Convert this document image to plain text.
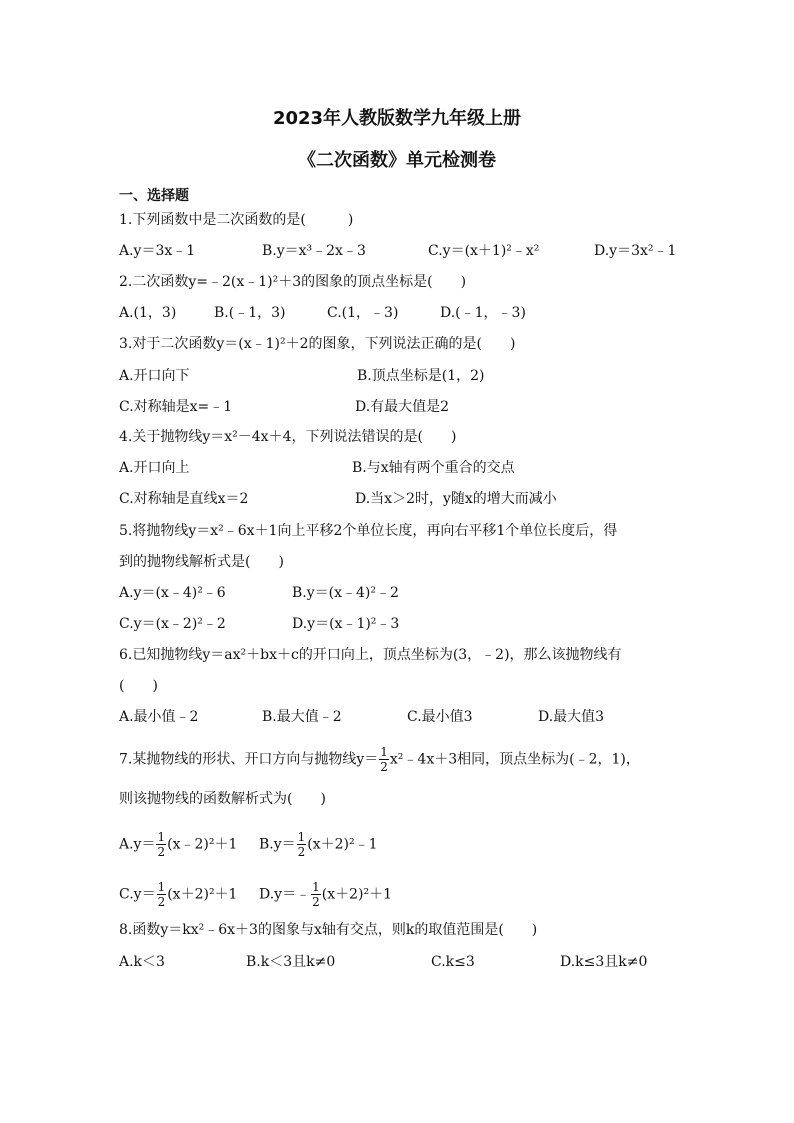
2023年人教版数学九年级上册
《二次函数》单元检测卷
一、选择题
1.下列函数中是二次函数的是(　　　)
A.y＝3x﹣1	B.y＝x³﹣2x﹣3	C.y＝(x＋1)²﹣x²	D.y＝3x²﹣1
2.二次函数y=﹣2(x﹣1)²＋3的图象的顶点坐标是(　　)
A.(1，3)	B.(﹣1，3)	C.(1，﹣3)	D.(﹣1，﹣3)
3.对于二次函数y＝(x﹣1)²＋2的图象，下列说法正确的是(　　)
A.开口向下	B.顶点坐标是(1，2)
C.对称轴是x=﹣1	D.有最大值是2
4.关于抛物线y＝x²－4x＋4，下列说法错误的是(　　)
A.开口向上	B.与x轴有两个重合的交点
C.对称轴是直线x＝2	D.当x＞2时，y随x的增大而减小
5.将抛物线y＝x²﹣6x＋1向上平移2个单位长度，再向右平移1个单位长度后，得
到的抛物线解析式是(　　)
A.y＝(x﹣4)²﹣6	B.y＝(x﹣4)²﹣2
C.y＝(x﹣2)²﹣2	D.y＝(x﹣1)²﹣3
6.已知抛物线y＝ax²＋bx＋c的开口向上，顶点坐标为(3，﹣2)，那么该抛物线有
(　　)
A.最小值﹣2	B.最大值﹣2	C.最小值3	D.最大值3
7.某抛物线的形状、开口方向与抛物线$y= \frac{1}{2}$ x²﹣4x＋3相同，顶点坐标为(﹣2，1)，
则该抛物线的函数解析式为(　　)
$A.y= \frac{1}{2}$ (x﹣2)²＋1 $B.y= \frac{1}{2}$ (x＋2)²﹣1
$C.y= \frac{1}{2} (x+2)^2+1$ D.y＝﹣ $\frac{1}{2} (x+2)^2+1$
8.函数y＝kx²﹣6x＋3的图象与x轴有交点，则k的取值范围是(　　)
A.k＜3	B.k＜3且k≠0	C.k≤3	D.k≤3且k≠0
